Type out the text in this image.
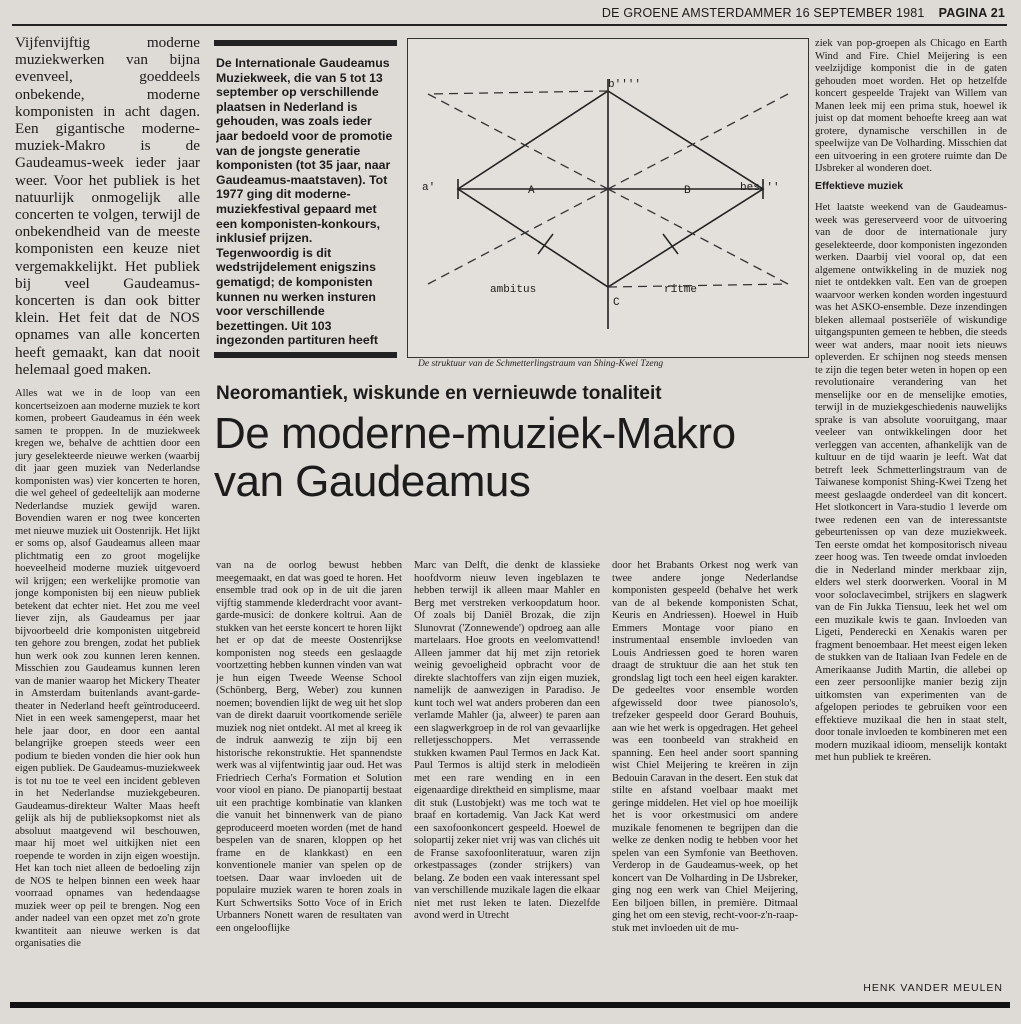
DE GROENE AMSTERDAMMER 16 SEPTEMBER 1981 PAGINA 21

Vijfenvijftig moderne muziekwerken van bijna evenveel, goeddeels onbekende, moderne komponisten in acht dagen. Een gigantische moderne-muziek-Makro is de Gaudeamus-week ieder jaar weer. Voor het publiek is het natuurlijk onmogelijk alle concerten te volgen, terwijl de onbekendheid van de meeste komponisten een keuze niet vergemakkelijkt. Het publiek bij veel Gaudeamus-koncerten is dan ook bitter klein. Het feit dat de NOS opnames van alle koncerten heeft gemaakt, kan dat nooit helemaal goed maken.

Alles wat we in de loop van een koncertseizoen aan moderne muziek te kort komen, probeert Gaudeamus in één week samen te proppen. In de muziekweek kregen we, behalve de achttien door een jury geselekteerde nieuwe werken (waarbij dit jaar geen muziek van Nederlandse komponisten was) vier koncerten te horen, die wel geheel of gedeeltelijk aan moderne Nederlandse muziek gewijd waren. Bovendien waren er nog twee koncerten met nieuwe muziek uit Oostenrijk. Het lijkt er soms op, alsof Gaudeamus alleen maar plichtmatig een zo groot mogelijke hoeveelheid moderne muziek uitgevoerd wil krijgen; een werkelijke promotie van jonge komponisten bij een nieuw publiek betekent dat echter niet. Het zou me veel liever zijn, als Gaudeamus per jaar bijvoorbeeld drie komponisten uitgebreid ten gehore zou brengen, zodat het publiek hun werk ook zou kunnen leren kennen. Misschien zou Gaudeamus kunnen leren van de manier waarop het Mickery Theater in Amsterdam buitenlands avant-garde-theater in Nederland heeft geïntroduceerd. Niet in een week samengeperst, maar het hele jaar door, en door een aantal belangrijke groepen steeds weer een podium te bieden vonden die hier ook hun eigen publiek. De Gaudeamus-muziekweek is tot nu toe te veel een incident gebleven in het Nederlandse muziekgebeuren. Gaudeamus-direkteur Walter Maas heeft gelijk als hij de publieksopkomst niet als absoluut maatgevend wil beschouwen, maar hij moet wel uitkijken niet een roepende te worden in zijn eigen woestijn. Het kan toch niet alleen de bedoeling zijn de NOS te helpen binnen een week haar voorraad opnames van hedendaagse muziek weer op peil te brengen. Nog een ander nadeel van een opzet met zo'n grote kwantiteit aan nieuwe werken is dat organisaties die

De Internationale Gaudeamus Muziekweek, die van 5 tot 13 september op verschillende plaatsen in Nederland is gehouden, was zoals ieder jaar bedoeld voor de promotie van de jongste generatie komponisten (tot 35 jaar, naar Gaudeamus-maatstaven). Tot 1977 ging dit moderne-muziekfestival gepaard met een komponisten-konkours, inklusief prijzen. Tegenwoordig is dit wedstrijdelement enigszins gematigd; de komponisten kunnen nu werken insturen voor verschillende bezettingen. Uit 103 ingezonden partituren heeft

b''''
a'	A	B	bes'''
ambitus
C
ritme
De struktuur van de Schmetterlingstraum van Shing-Kwei Tzeng
Neoromantiek, wiskunde en vernieuwde tonaliteit
De moderne-muziek-Makro
van Gaudeamus

van na de oorlog bewust hebben meegemaakt, en dat was goed te horen. Het ensemble trad ook op in de uit die jaren vijftig stammende klederdracht voor avant-garde-musici: de donkere koltrui. Aan de stukken van het eerste koncert te horen lijkt het er op dat de meeste Oostenrijkse komponisten nog steeds een geslaagde voortzetting hebben kunnen vinden van wat je hun eigen Tweede Weense School (Schönberg, Berg, Weber) zou kunnen noemen; bovendien lijkt de weg uit het slop van de direkt daaruit voortkomende seriële muziek nog niet ontdekt. Al met al kreeg ik de indruk aanwezig te zijn bij een historische rekonstruktie. Het spannendste werk was al vijfentwintig jaar oud. Het was Friedriech Cerha's Formation et Solution voor viool en piano. De pianopartij bestaat uit een prachtige kombinatie van klanken die vanuit het binnenwerk van de piano geproduceerd moeten worden (met de hand bespelen van de snaren, kloppen op het frame en de klankkast) en een konventionele manier van spelen op de toetsen. Daar waar invloeden uit de populaire muziek waren te horen zoals in Kurt Schwertsiks Sotto Voce of in Erich Urbanners Nonett waren de resultaten van een ongelooflijke

Marc van Delft, die denkt de klassieke hoofdvorm nieuw leven ingeblazen te hebben terwijl ik alleen maar Mahler en Berg met verstreken verkoopdatum hoor. Of zoals bij Daniël Brozak, die zijn Slunovrat ('Zonnewende') opdroeg aan alle martelaars. Hoe groots en veelomvattend! Alleen jammer dat hij met zijn retoriek weinig gevoeligheid opbracht voor de direkte slachtoffers van zijn eigen muziek, namelijk de aanwezigen in Paradiso. Je kunt toch wel wat anders proberen dan een verlamde Mahler (ja, alweer) te paren aan een slagwerkgroep in de rol van gevaarlijke relletjesschoppers. Met verrassende stukken kwamen Paul Termos en Jack Kat. Paul Termos is altijd sterk in melodieën met een rare wending en in een eigenaardige direktheid en simplisme, maar dit stuk (Lustobjekt) was me toch wat te braaf en kortademig. Van Jack Kat werd een saxofoonkoncert gespeeld. Hoewel de solopartij zeker niet vrij was van clichés uit de Franse saxofoonliteratuur, waren zijn orkestpassages (zonder strijkers) van belang. Ze boden een vaak interessant spel van verschillende muzikale lagen die elkaar niet met rust leken te laten. Diezelfde avond werd in Utrecht

door het Brabants Orkest nog werk van twee andere jonge Nederlandse komponisten gespeeld (behalve het werk van de al bekende komponisten Schat, Keuris en Andriessen). Hoewel in Huib Emmers Montage voor piano en instrumentaal ensemble invloeden van Louis Andriessen goed te horen waren draagt de struktuur die aan het stuk ten grondslag ligt toch een heel eigen karakter. De gedeeltes voor ensemble worden afgewisseld door twee pianosolo's, trefzeker gespeeld door Gerard Bouhuis, aan wie het werk is opgedragen. Het geheel was een toonbeeld van strakheid en spanning. Een heel ander soort spanning wist Chiel Meijering te kreëren in zijn Bedouin Caravan in the desert. Een stuk dat stilte en afstand voelbaar maakt met geringe middelen. Het viel op hoe moeilijk het is voor orkestmusici om andere muzikale fenomenen te begrijpen dan die welke ze denken nodig te hebben voor het spelen van een Symfonie van Beethoven. Verderop in de Gaudeamus-week, op het koncert van De Volharding in De IJsbreker, ging nog een werk van Chiel Meijering, Een biljoen billen, in première. Ditmaal ging het om een stevig, recht-voor-z'n-raap-stuk met invloeden uit de mu-

ziek van pop-groepen als Chicago en Earth Wind and Fire. Chiel Meijering is een veelzijdige komponist die in de gaten gehouden moet worden. Het op hetzelfde koncert gespeelde Trajekt van Willem van Manen leek mij een prima stuk, hoewel ik juist op dat moment behoefte kreeg aan wat grotere, dynamische verschillen in de speelwijze van De Volharding. Misschien dat een uitvoering in een grotere ruimte dan De IJsbreker al wonderen doet.

Effektieve muziek

Het laatste weekend van de Gaudeamus-week was gereserveerd voor de uitvoering van de door de internationale jury geselekteerde, door komponisten ingezonden werken. Daarbij viel vooral op, dat een algemene ontwikkeling in de muziek nog niet te ontdekken valt. Een van de groepen waarvoor werken konden worden ingestuurd was het ASKO-ensemble. Deze inzendingen bleken allemaal postseriële of wiskundige uitgangspunten gemeen te hebben, die steeds weer wat anders, maar nooit iets nieuws opleverden. Er schijnen nog steeds mensen te zijn die tegen beter weten in hopen op een revolutionaire verandering van het menselijke oor en de menselijke emoties, terwijl in de muziekgeschiedenis nauwelijks sprake is van absolute vooruitgang, maar veeleer van ontwikkelingen door het verleggen van accenten, afhankelijk van de kultuur en de tijd waarin je leeft. Wat dat betreft leek Schmetterlingstraum van de Taiwanese komponist Shing-Kwei Tzeng het meest geslaagde onderdeel van dit koncert. Het slotkoncert in Vara-studio 1 leverde om twee redenen een van de interessantste gebeurtenissen op van deze muziekweek. Ten eerste omdat het kompositorisch niveau zeer hoog was. Ten tweede omdat invloeden die in Nederland minder merkbaar zijn, elders wel sterk doorwerken. Vooral in M voor soloclavecimbel, strijkers en slagwerk van de Fin Jukka Tiensuu, leek het wel om een muzikale kwis te gaan. Invloeden van Ligeti, Penderecki en Xenakis waren per fragment benoembaar. Het meest eigen leken de stukken van de Italiaan Ivan Fedele en de Amerikaanse Judith Martin, die allebei op een zeer persoonlijke manier bezig zijn uitkomsten van experimenten van de afgelopen periodes te gebruiken voor een effektieve muzikaal die hen in staat stelt, door tonale invloeden te kombineren met een modern muzikaal idioom, menselijk kontakt met hun publiek te kreëren.

HENK VANDER MEULEN
